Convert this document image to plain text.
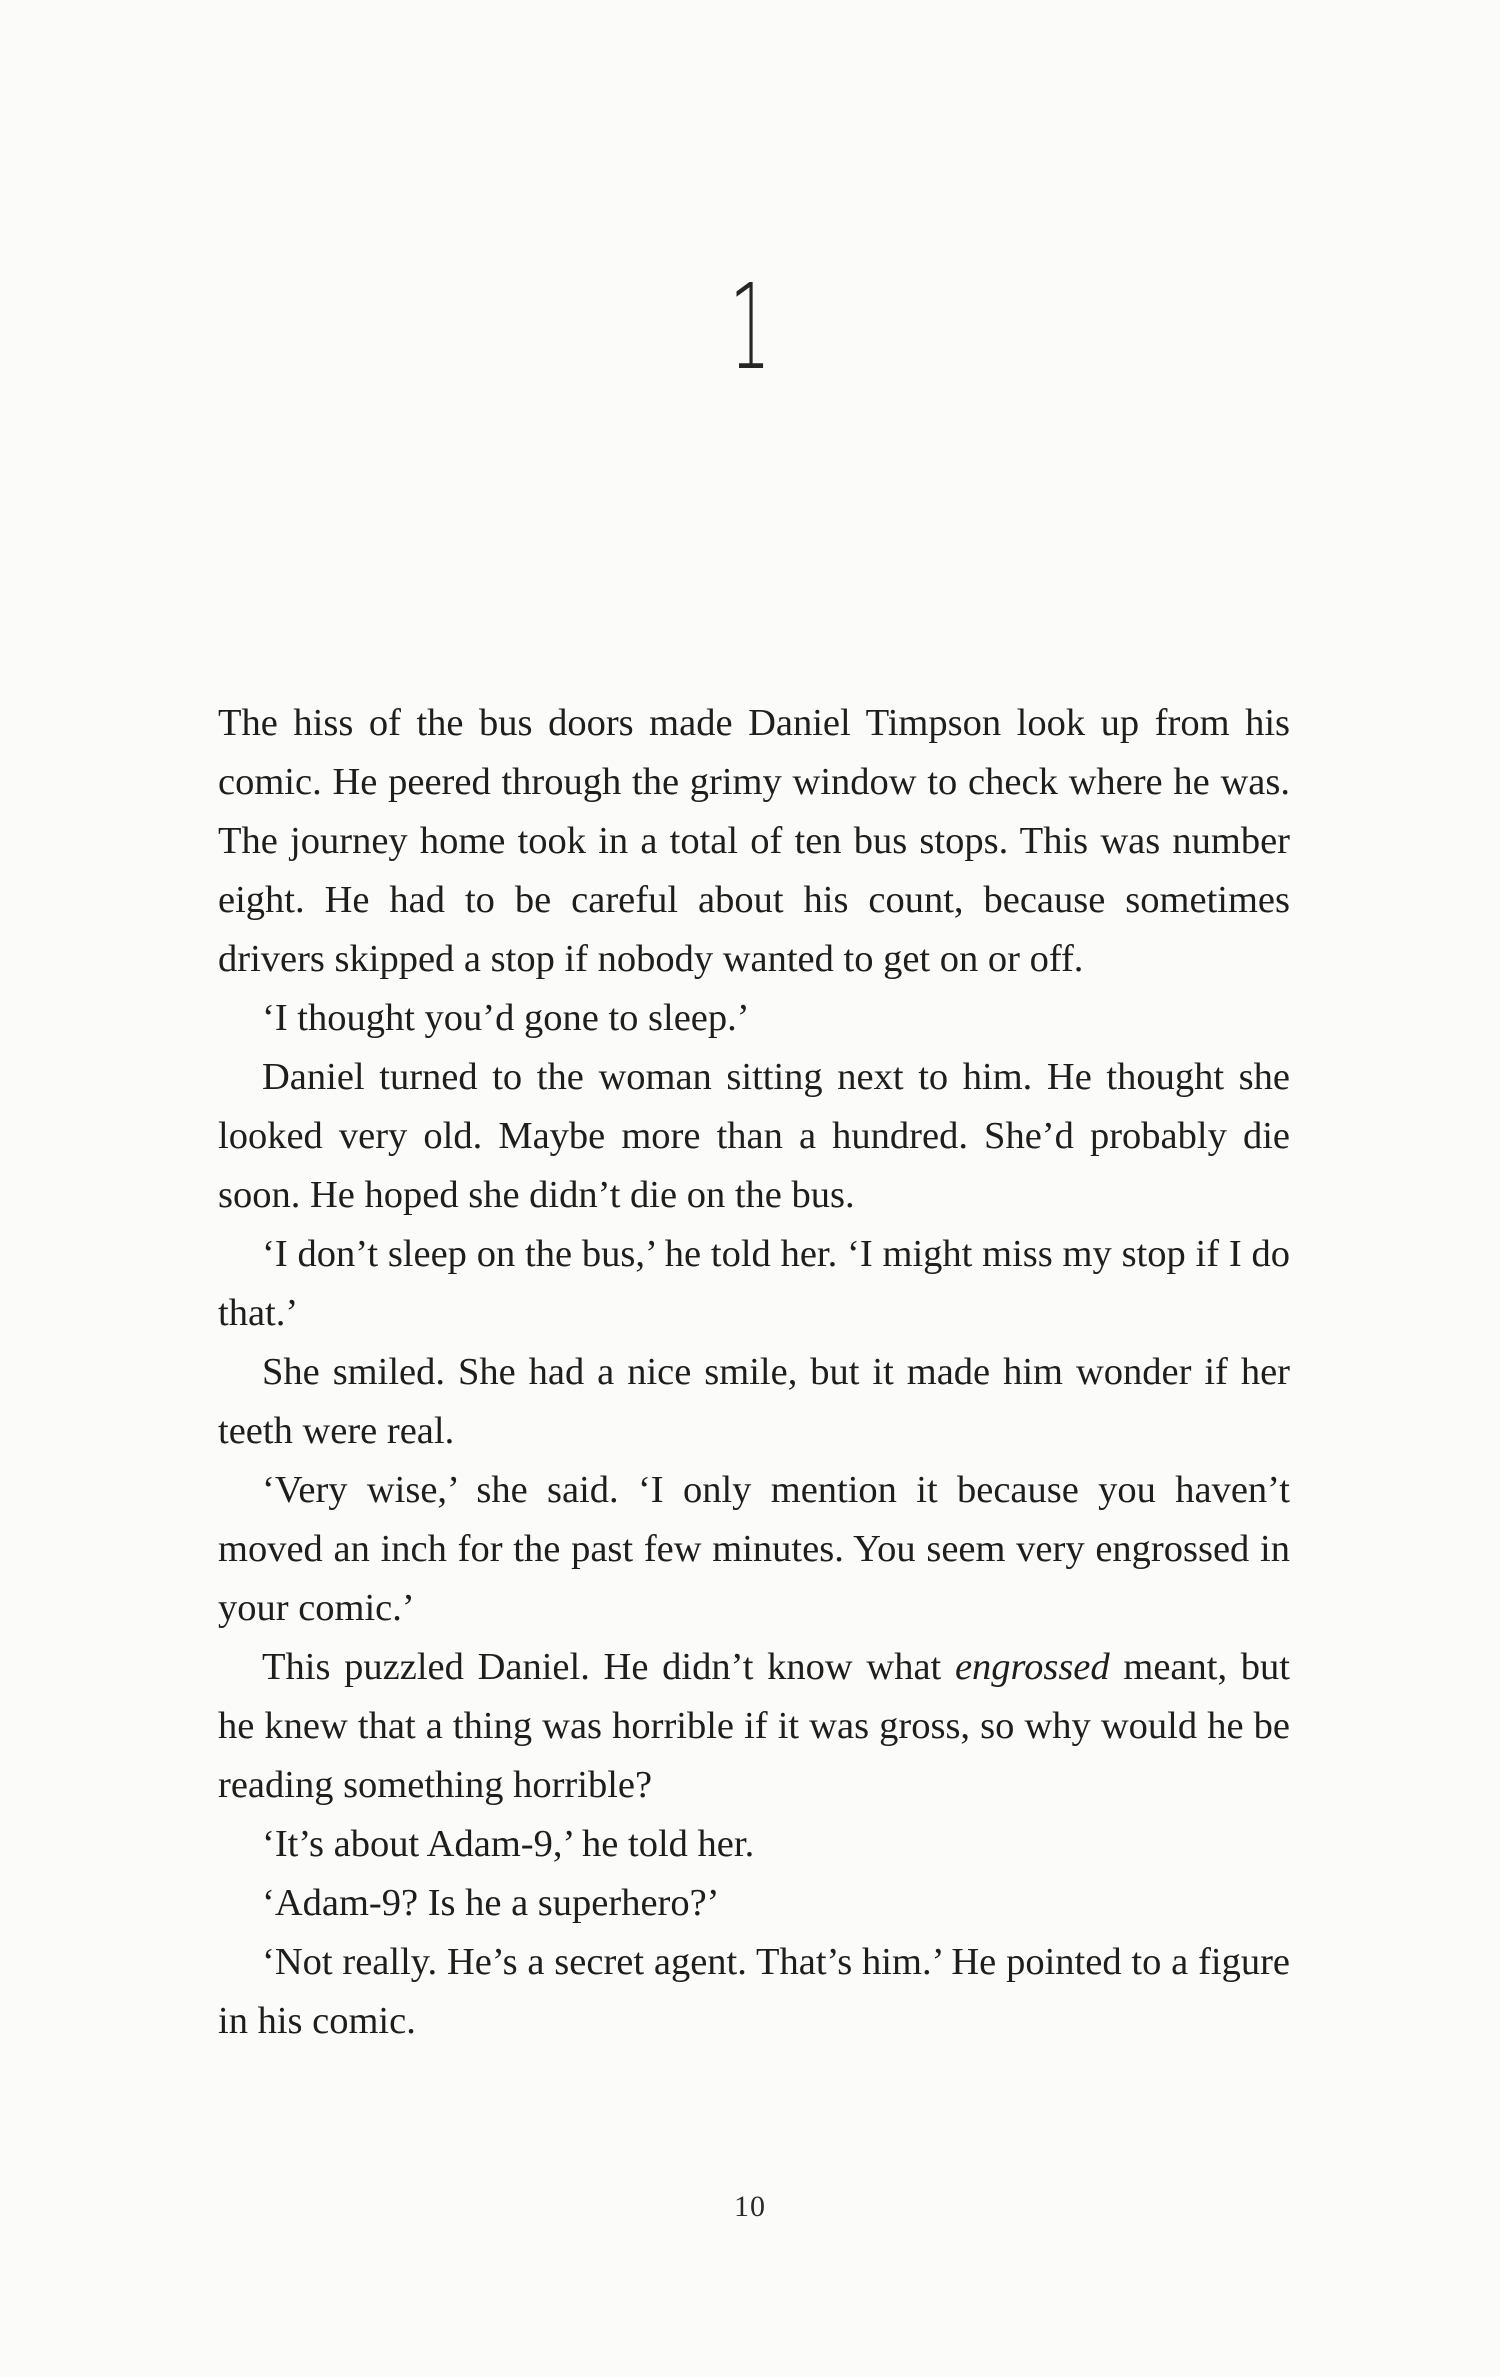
1

The hiss of the bus doors made Daniel Timpson look up from his comic. He peered through the grimy window to check where he was. The journey home took in a total of ten bus stops. This was number eight. He had to be careful about his count, because sometimes drivers skipped a stop if nobody wanted to get on or off.

‘I thought you’d gone to sleep.’

Daniel turned to the woman sitting next to him. He thought she looked very old. Maybe more than a hundred. She’d probably die soon. He hoped she didn’t die on the bus.

‘I don’t sleep on the bus,’ he told her. ‘I might miss my stop if I do that.’

She smiled. She had a nice smile, but it made him wonder if her teeth were real.

‘Very wise,’ she said. ‘I only mention it because you haven’t moved an inch for the past few minutes. You seem very engrossed in your comic.’

This puzzled Daniel. He didn’t know what engrossed meant, but he knew that a thing was horrible if it was gross, so why would he be reading something horrible?

‘It’s about Adam-9,’ he told her.

‘Adam-9? Is he a superhero?’

‘Not really. He’s a secret agent. That’s him.’ He pointed to a figure in his comic.

10
